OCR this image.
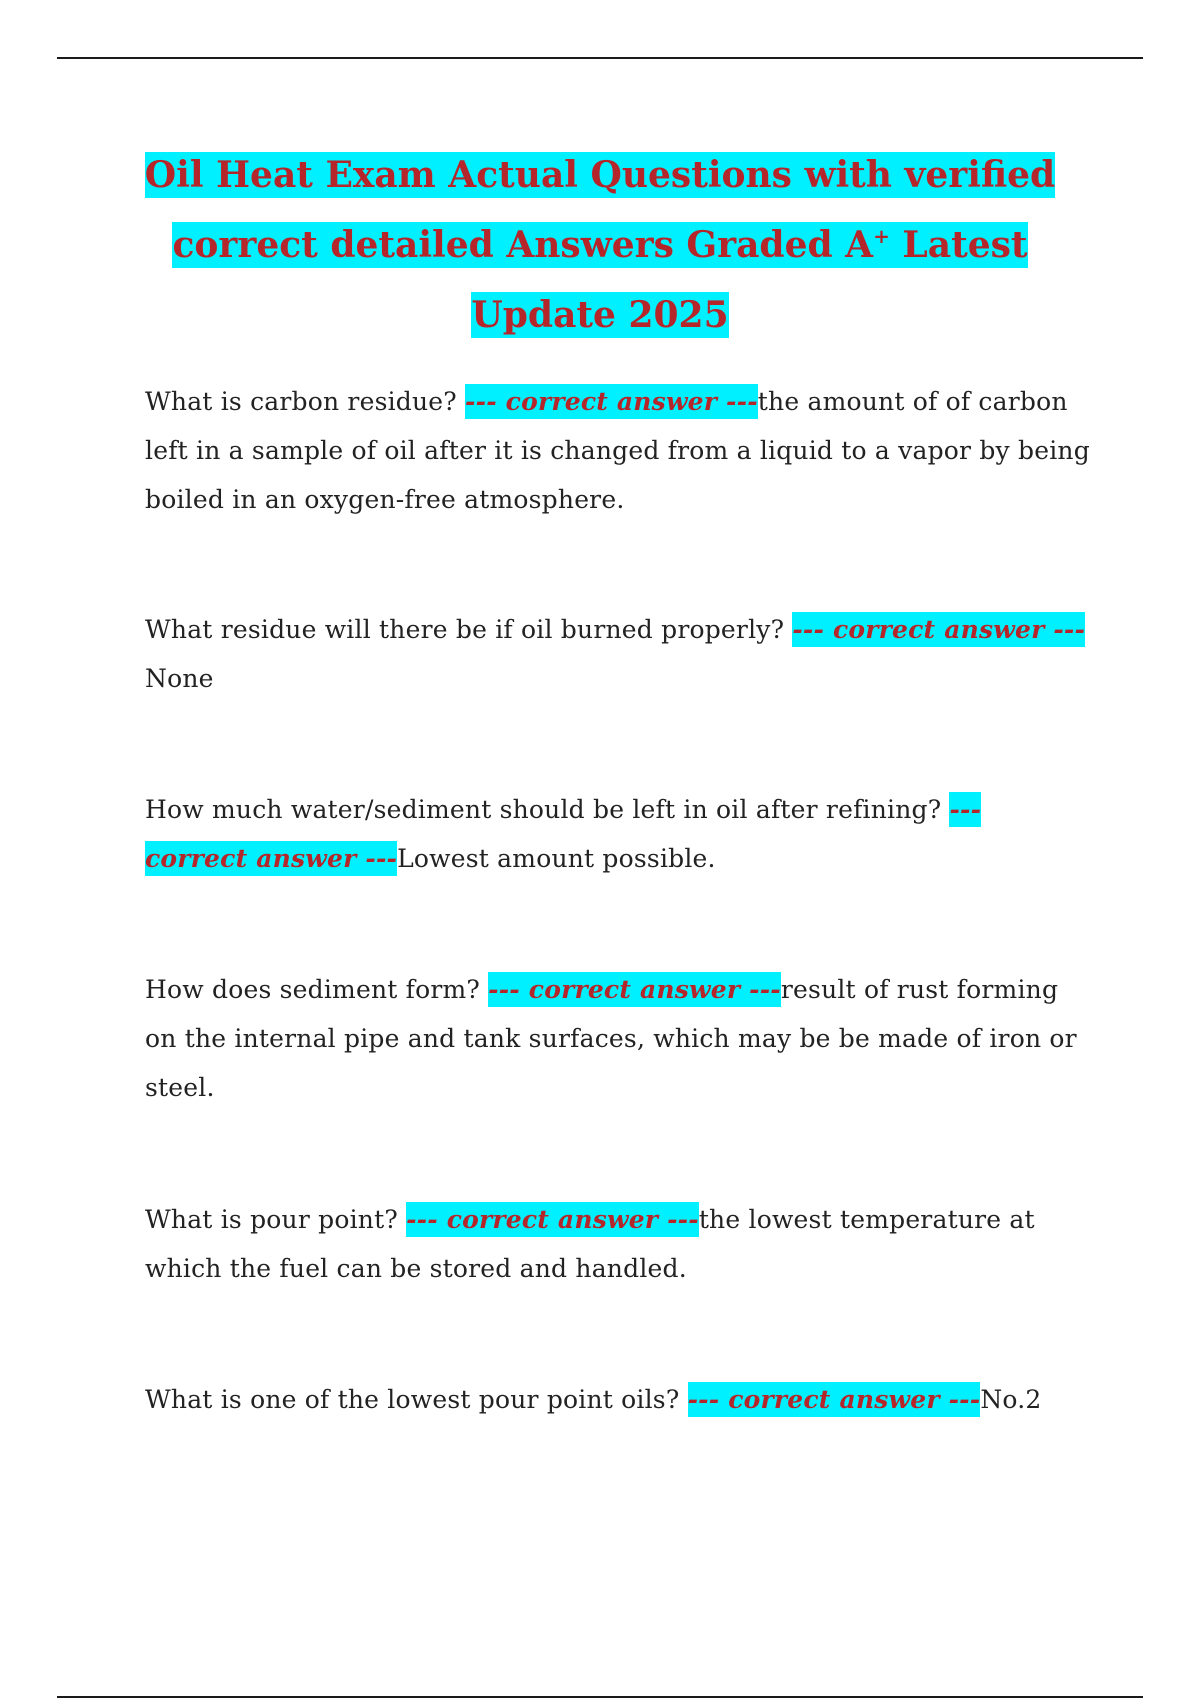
Oil Heat Exam Actual Questions with verified correct detailed Answers Graded A+ Latest Update 2025

What is carbon residue? --- correct answer ---the amount of of carbon left in a sample of oil after it is changed from a liquid to a vapor by being boiled in an oxygen-free atmosphere.

What residue will there be if oil burned properly? --- correct answer ---None

How much water/sediment should be left in oil after refining? --- correct answer ---Lowest amount possible.

How does sediment form? --- correct answer ---result of rust forming on the internal pipe and tank surfaces, which may be be made of iron or steel.

What is pour point? --- correct answer ---the lowest temperature at which the fuel can be stored and handled.

What is one of the lowest pour point oils? --- correct answer ---No.2
